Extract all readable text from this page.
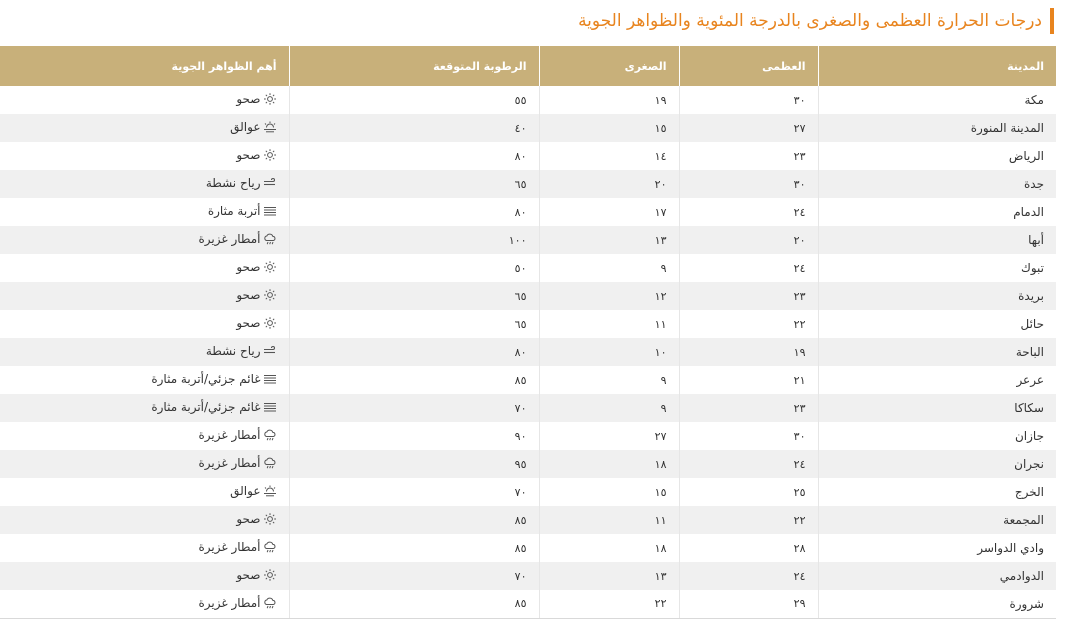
درجات الحرارة العظمى والصغرى بالدرجة المئوية والظواهر الجوية
المدينة	العظمى	الصغرى	الرطوبة المتوقعة	أهم الظواهر الجوية
مكة	٣٠	١٩	٥٥	صحو

المدينة المنورة	٢٧	١٥	٤٠	عوالق

الرياض	٢٣	١٤	٨٠	صحو

جدة	٣٠	٢٠	٦٥	رياح نشطة

الدمام	٢٤	١٧	٨٠	أتربة مثارة

أبها	٢٠	١٣	١٠٠	أمطار غزيرة

تبوك	٢٤	٩	٥٠	صحو

بريدة	٢٣	١٢	٦٥	صحو

حائل	٢٢	١١	٦٥	صحو

الباحة	١٩	١٠	٨٠	رياح نشطة

عرعر	٢١	٩	٨٥	غائم جزئي/أتربة مثارة

سكاكا	٢٣	٩	٧٠	غائم جزئي/أتربة مثارة

جازان	٣٠	٢٧	٩٠	أمطار غزيرة

نجران	٢٤	١٨	٩٥	أمطار غزيرة

الخرج	٢٥	١٥	٧٠	عوالق

المجمعة	٢٢	١١	٨٥	صحو

وادي الدواسر	٢٨	١٨	٨٥	أمطار غزيرة

الدوادمي	٢٤	١٣	٧٠	صحو

شرورة	٢٩	٢٢	٨٥	أمطار غزيرة
